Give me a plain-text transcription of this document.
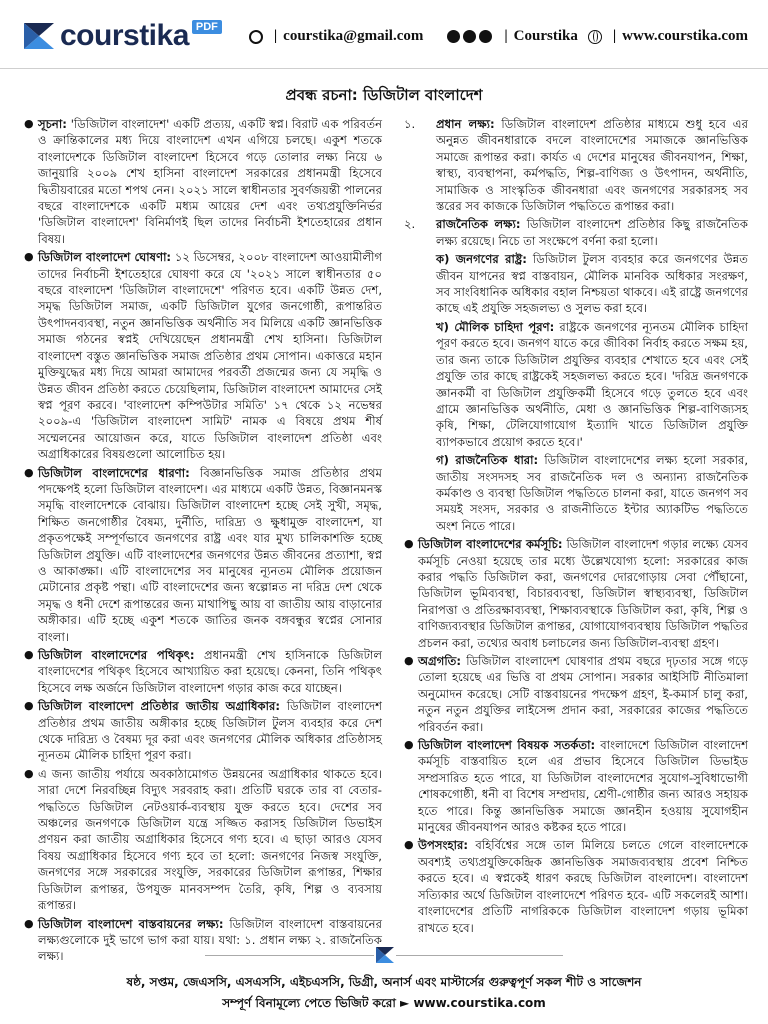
courstika PDF
| courstika@gmail.com	| Courstika | www.courstika.com
প্রবন্ধ রচনা: ডিজিটাল বাংলাদেশ
● সূচনা: 'ডিজিটাল বাংলাদেশ' একটি প্রত্যয়, একটি স্বপ্ন। বিরাট এক পরিবর্তন ও ক্রান্তিকালের মধ্য দিয়ে বাংলাদেশ এখন এগিয়ে চলছে। একুশ শতকে বাংলাদেশকে ডিজিটাল বাংলাদেশ হিসেবে গড়ে তোলার লক্ষ্য নিয়ে ৬ জানুয়ারি ২০০৯ শেখ হাসিনা বাংলাদেশ সরকারের প্রধানমন্ত্রী হিসেবে দ্বিতীয়বারের মতো শপথ নেন। ২০২১ সালে স্বাধীনতার সুবর্ণজয়ন্তী পালনের বছরে বাংলাদেশকে একটি মধ্যম আয়ের দেশ এবং তথ্যপ্রযুক্তিনির্ভর 'ডিজিটাল বাংলাদেশ' বিনির্মাণই ছিল তাদের নির্বাচনী ইশতেহারের প্রধান বিষয়।
● ডিজিটাল বাংলাদেশ ঘোষণা: ১২ ডিসেম্বর, ২০০৮ বাংলাদেশ আওয়ামীলীগ তাদের নির্বাচনী ইশতেহারে ঘোষণা করে যে '২০২১ সালে স্বাধীনতার ৫০ বছরে বাংলাদেশ 'ডিজিটাল বাংলাদেশে' পরিণত হবে। একটি উন্নত দেশ, সমৃদ্ধ ডিজিটাল সমাজ, একটি ডিজিটাল যুগের জনগোষ্ঠী, রূপান্তরিত উৎপাদনব্যবস্থা, নতুন জ্ঞানভিত্তিক অর্থনীতি সব মিলিয়ে একটি জ্ঞানভিত্তিক সমাজ গঠনের স্বপ্নই দেখিয়েছেন প্রধানমন্ত্রী শেখ হাসিনা। ডিজিটাল বাংলাদেশ বস্তুত জ্ঞানভিত্তিক সমাজ প্রতিষ্ঠার প্রথম সোপান। একাত্তরে মহান মুক্তিযুদ্ধের মধ্য দিয়ে আমরা আমাদের পরবর্তী প্রজন্মের জন্য যে সমৃদ্ধি ও উন্নত জীবন প্রতিষ্ঠা করতে চেয়েছিলাম, ডিজিটাল বাংলাদেশ আমাদের সেই স্বপ্ন পূরণ করবে। 'বাংলাদেশ কম্পিউটার সমিতি' ১৭ থেকে ১২ নভেম্বর ২০০৯-এ 'ডিজিটাল বাংলাদেশ সামিট' নামক এ বিষয়ে প্রথম শীর্ষ সম্মেলনের আয়োজন করে, যাতে ডিজিটাল বাংলাদেশ প্রতিষ্ঠা এবং অগ্রাধিকারের বিষয়গুলো আলোচিত হয়।
● ডিজিটাল বাংলাদেশের ধারণা: বিজ্ঞানভিত্তিক সমাজ প্রতিষ্ঠার প্রথম পদক্ষেপই হলো ডিজিটাল বাংলাদেশ। এর মাধ্যমে একটি উন্নত, বিজ্ঞানমনস্ক সমৃদ্ধি বাংলাদেশকে বোঝায়। ডিজিটাল বাংলাদেশ হচ্ছে সেই সুখী, সমৃদ্ধ, শিক্ষিত জনগোষ্ঠীর বৈষম্য, দুর্নীতি, দারিদ্র্য ও ক্ষুধামুক্ত বাংলাদেশ, যা প্রকৃতপক্ষেই সম্পূর্ণভাবে জনগণের রাষ্ট্র এবং যার মুখ্য চালিকাশক্তি হচ্ছে ডিজিটাল প্রযুক্তি। এটি বাংলাদেশের জনগণের উন্নত জীবনের প্রত্যাশা, স্বপ্ন ও আকাঙ্ক্ষা। এটি বাংলাদেশের সব মানুষের ন্যূনতম মৌলিক প্রয়োজন মেটানোর প্রকৃষ্ট পন্থা। এটি বাংলাদেশের জন্য স্বল্পোন্নত না দরিদ্র দেশ থেকে সমৃদ্ধ ও ধনী দেশে রূপান্তরের জন্য মাথাপিছু আয় বা জাতীয় আয় বাড়ানোর অঙ্গীকার। এটি হচ্ছে একুশ শতকে জাতির জনক বঙ্গবন্ধুর স্বপ্নের সোনার বাংলা।
● ডিজিটাল বাংলাদেশের পথিকৃৎ: প্রধানমন্ত্রী শেখ হাসিনাকে ডিজিটাল বাংলাদেশের পথিকৃৎ হিসেবে আখ্যায়িত করা হয়েছে। কেননা, তিনি পথিকৃৎ হিসেবে লক্ষ অর্জনে ডিজিটাল বাংলাদেশ গড়ার কাজ করে যাচ্ছেন।
● ডিজিটাল বাংলাদেশ প্রতিষ্ঠার জাতীয় অগ্রাধিকার: ডিজিটাল বাংলাদেশ প্রতিষ্ঠার প্রথম জাতীয় অঙ্গীকার হচ্ছে ডিজিটাল টুলস ব্যবহার করে দেশ থেকে দারিদ্র্য ও বৈষম্য দূর করা এবং জনগণের মৌলিক অধিকার প্রতিষ্ঠাসহ ন্যূনতম মৌলিক চাহিদা পূরণ করা।
● এ জন্য জাতীয় পর্যায়ে অবকাঠামোগত উন্নয়নের অগ্রাধিকার থাকতে হবে। সারা দেশে নিরবচ্ছিন্ন বিদ্যুৎ সরবরাহ করা। প্রতিটি ঘরকে তার বা বেতার-পদ্ধতিতে ডিজিটাল নেটওয়ার্ক-ব্যবস্থায় যুক্ত করতে হবে। দেশের সব অঞ্চলের জনগণকে ডিজিটাল যন্ত্রে সজ্জিত করাসহ ডিজিটাল ডিভাইস প্রণয়ন করা জাতীয় অগ্রাধিকার হিসেবে গণ্য হবে। এ ছাড়া আরও যেসব বিষয় অগ্রাধিকার হিসেবে গণ্য হবে তা হলো: জনগণের নিজস্ব সংযুক্তি, জনগণের সঙ্গে সরকারের সংযুক্তি, সরকারের ডিজিটাল রূপান্তর, শিক্ষার ডিজিটাল রূপান্তর, উপযুক্ত মানবসম্পদ তৈরি, কৃষি, শিল্প ও ব্যবসায় রূপান্তর।
● ডিজিটাল বাংলাদেশ বাস্তবায়নের লক্ষ্য: ডিজিটাল বাংলাদেশ বাস্তবায়নের লক্ষ্যগুলোকে দুই ভাগে ভাগ করা যায়। যথা: ১. প্রধান লক্ষ্য ২. রাজনৈতিক লক্ষ্য।
১.	প্রধান লক্ষ্য: ডিজিটাল বাংলাদেশ প্রতিষ্ঠার মাধ্যমে শুধু হবে এর অনুন্নত জীবনধারাকে বদলে বাংলাদেশের সমাজকে জ্ঞানভিত্তিক সমাজে রূপান্তর করা। কার্যত এ দেশের মানুষের জীবনযাপন, শিক্ষা, স্বাস্থ্য, ব্যবস্থাপনা, কর্মপদ্ধতি, শিল্প-বাণিজ্য ও উৎপাদন, অর্থনীতি, সামাজিক ও সাংস্কৃতিক জীবনধারা এবং জনগণের সরকারসহ সব স্তরের সব কাজকে ডিজিটাল পদ্ধতিতে রূপান্তর করা।
২.	রাজনৈতিক লক্ষ্য: ডিজিটাল বাংলাদেশ প্রতিষ্ঠার কিছু রাজনৈতিক লক্ষ্য রয়েছে। নিচে তা সংক্ষেপে বর্ণনা করা হলো।
ক) জনগণের রাষ্ট্র: ডিজিটাল টুলস ব্যবহার করে জনগণের উন্নত জীবন যাপনের স্বপ্ন বাস্তবায়ন, মৌলিক মানবিক অধিকার সংরক্ষণ, সব সাংবিধানিক অধিকার বহাল নিশ্চয়তা থাকবে। এই রাষ্ট্রে জনগণের কাছে এই প্রযুক্তি সহজলভ্য ও সুলভ করা হবে।
খ) মৌলিক চাহিদা পূরণ: রাষ্ট্রকে জনগণের ন্যূনতম মৌলিক চাহিদা পূরণ করতে হবে। জনগণ যাতে করে জীবিকা নির্বাহ করতে সক্ষম হয়, তার জন্য তাকে ডিজিটাল প্রযুক্তির ব্যবহার শেখাতে হবে এবং সেই প্রযুক্তি তার কাছে রাষ্ট্রকেই সহজলভ্য করতে হবে। 'দরিদ্র জনগণকে জ্ঞানকর্মী বা ডিজিটাল প্রযুক্তিকর্মী হিসেবে গড়ে তুলতে হবে এবং গ্রামে জ্ঞানভিত্তিক অর্থনীতি, মেধা ও জ্ঞানভিত্তিক শিল্প-বাণিজ্যসহ কৃষি, শিক্ষা, টেলিযোগাযোগ ইত্যাদি খাতে ডিজিটাল প্রযুক্তি ব্যাপকভাবে প্রয়োগ করতে হবে।'
গ) রাজনৈতিক ধারা: ডিজিটাল বাংলাদেশের লক্ষ্য হলো সরকার, জাতীয় সংসদসহ সব রাজনৈতিক দল ও অন্যান্য রাজনৈতিক কর্মকাণ্ড ও ব্যবস্থা ডিজিটাল পদ্ধতিতে চালনা করা, যাতে জনগণ সব সময়ই সংসদ, সরকার ও রাজনীতিতে ইন্টার অ্যাকটিভ পদ্ধতিতে অংশ নিতে পারে।
● ডিজিটাল বাংলাদেশের কর্মসূচি: ডিজিটাল বাংলাদেশ গড়ার লক্ষ্যে যেসব কর্মসূচি নেওয়া হয়েছে তার মধ্যে উল্লেখযোগ্য হলো: সরকারের কাজ করার পদ্ধতি ডিজিটাল করা, জনগণের দোরগোড়ায় সেবা পৌঁছানো, ডিজিটাল ভূমিব্যবস্থা, বিচারব্যবস্থা, ডিজিটাল স্বাস্থ্যব্যবস্থা, ডিজিটাল নিরাপত্তা ও প্রতিরক্ষাব্যবস্থা, শিক্ষাব্যবস্থাকে ডিজিটাল করা, কৃষি, শিল্প ও বাণিজ্যব্যবস্থার ডিজিটাল রূপান্তর, যোগাযোগব্যবস্থায় ডিজিটাল পদ্ধতির প্রচলন করা, তথ্যের অবাধ চলাচলের জন্য ডিজিটাল-ব্যবস্থা গ্রহণ।
● অগ্রগতি: ডিজিটাল বাংলাদেশ ঘোষণার প্রথম বছরে দৃঢ়তার সঙ্গে গড়ে তোলা হয়েছে এর ভিত্তি বা প্রথম সোপান। সরকার আইসিটি নীতিমালা অনুমোদন করেছে। সেটি বাস্তবায়নের পদক্ষেপ গ্রহণ, ই-কমার্স চালু করা, নতুন নতুন প্রযুক্তির লাইসেন্স প্রদান করা, সরকারের কাজের পদ্ধতিতে পরিবর্তন করা।
● ডিজিটাল বাংলাদেশ বিষয়ক সতর্কতা: বাংলাদেশে ডিজিটাল বাংলাদেশ কর্মসূচি বাস্তবায়িত হলে এর প্রভাব হিসেবে ডিজিটাল ডিভাইড সম্প্রসারিত হতে পারে, যা ডিজিটাল বাংলাদেশের সুযোগ-সুবিধাভোগী শোষকগোষ্ঠী, ধনী বা বিশেষ সম্প্রদায়, শ্রেণী-গোষ্ঠীর জন্য আরও সহায়ক হতে পারে। কিন্তু জ্ঞানভিত্তিক সমাজে জ্ঞানহীন হওয়ায় সুযোগহীন মানুষের জীবনযাপন আরও কষ্টকর হতে পারে।
● উপসংহার: বহির্বিশ্বের সঙ্গে তাল মিলিয়ে চলতে গেলে বাংলাদেশকে অবশ্যই তথ্যপ্রযুক্তিকেন্দ্রিক জ্ঞানভিত্তিক সমাজব্যবস্থায় প্রবেশ নিশ্চিত করতে হবে। এ স্বপ্নকেই ধারণ করছে ডিজিটাল বাংলাদেশ। বাংলাদেশ সত্যিকার অর্থে ডিজিটাল বাংলাদেশে পরিণত হবে- এটি সকলেরই আশা। বাংলাদেশের প্রতিটি নাগরিককে ডিজিটাল বাংলাদেশ গড়ায় ভূমিকা রাখতে হবে।
ষষ্ঠ, সপ্তম, জেএসসি, এসএসসি, এইচএসসি, ডিগ্রী, অনার্স এবং মাস্টার্সের গুরুত্বপূর্ণ সকল শীট ও সাজেশন
সম্পূর্ণ বিনামূল্যে পেতে ভিজিট করো ► www.courstika.com
